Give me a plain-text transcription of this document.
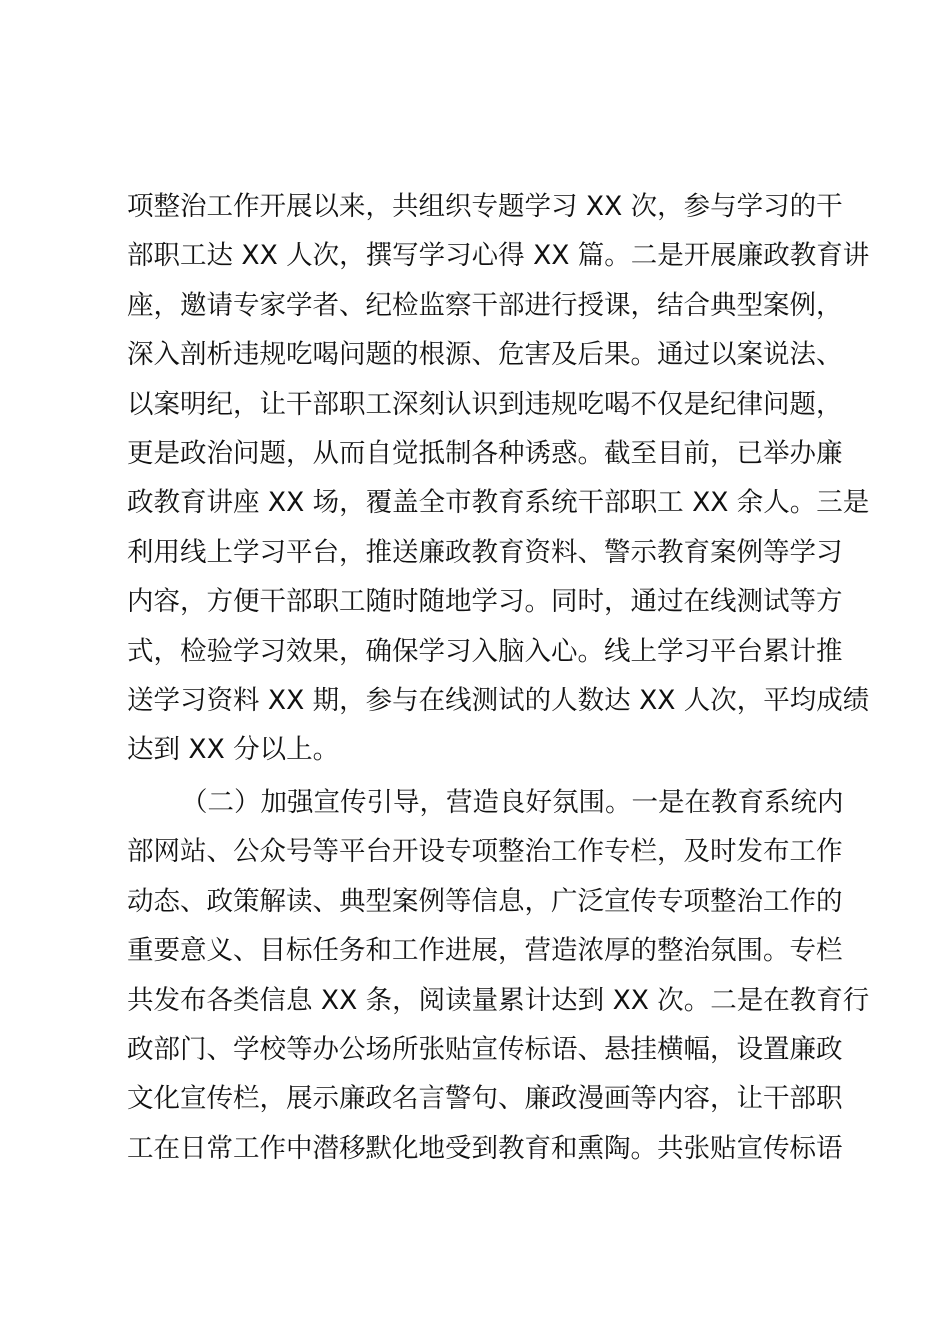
项整治工作开展以来，共组织专题学习 XX 次，参与学习的干
部职工达 XX 人次，撰写学习心得 XX 篇。二是开展廉政教育讲
座，邀请专家学者、纪检监察干部进行授课，结合典型案例，
深入剖析违规吃喝问题的根源、危害及后果。通过以案说法、
以案明纪，让干部职工深刻认识到违规吃喝不仅是纪律问题，
更是政治问题，从而自觉抵制各种诱惑。截至目前，已举办廉
政教育讲座 XX 场，覆盖全市教育系统干部职工 XX 余人。三是
利用线上学习平台，推送廉政教育资料、警示教育案例等学习
内容，方便干部职工随时随地学习。同时，通过在线测试等方
式，检验学习效果，确保学习入脑入心。线上学习平台累计推
送学习资料 XX 期，参与在线测试的人数达 XX 人次，平均成绩
达到 XX 分以上。
（二）加强宣传引导，营造良好氛围。一是在教育系统内
部网站、公众号等平台开设专项整治工作专栏，及时发布工作
动态、政策解读、典型案例等信息，广泛宣传专项整治工作的
重要意义、目标任务和工作进展，营造浓厚的整治氛围。专栏
共发布各类信息 XX 条，阅读量累计达到 XX 次。二是在教育行
政部门、学校等办公场所张贴宣传标语、悬挂横幅，设置廉政
文化宣传栏，展示廉政名言警句、廉政漫画等内容，让干部职
工在日常工作中潜移默化地受到教育和熏陶。共张贴宣传标语
